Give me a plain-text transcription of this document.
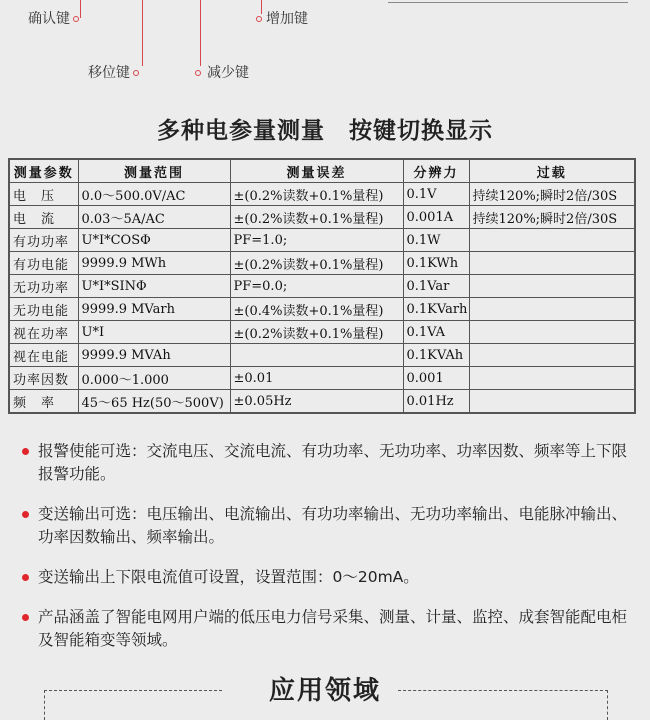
确认键	增加键
移位键	减少键
多种电参量测量　按键切换显示
测量参数	测量范围	测量误差	分辨力	过载
电　压	0.0～500.0V/AC	±(0.2%读数+0.1%量程)	0.1V	持续120%;瞬时2倍/30S
电　流	0.03～5A/AC	±(0.2%读数+0.1%量程)	0.001A	持续120%;瞬时2倍/30S
有功功率	U*I*COSΦ	PF=1.0;	0.1W	
有功电能	9999.9 MWh	±(0.2%读数+0.1%量程)	0.1KWh	
无功功率	U*I*SINΦ	PF=0.0;	0.1Var	
无功电能	9999.9 MVarh	±(0.4%读数+0.1%量程)	0.1KVarh	
视在功率	U*I	±(0.2%读数+0.1%量程)	0.1VA	
视在电能	9999.9 MVAh		0.1KVAh	
功率因数	0.000～1.000	±0.01	0.001	
频　率	45～65 Hz(50～500V)	±0.05Hz	0.01Hz	
报警使能可选：交流电压、交流电流、有功功率、无功功率、功率因数、频率等上下限报警功能。
变送输出可选：电压输出、电流输出、有功功率输出、无功功率输出、电能脉冲输出、功率因数输出、频率输出。
变送输出上下限电流值可设置，设置范围：0～20mA。
产品涵盖了智能电网用户端的低压电力信号采集、测量、计量、监控、成套智能配电柜及智能箱变等领域。
应用领域
